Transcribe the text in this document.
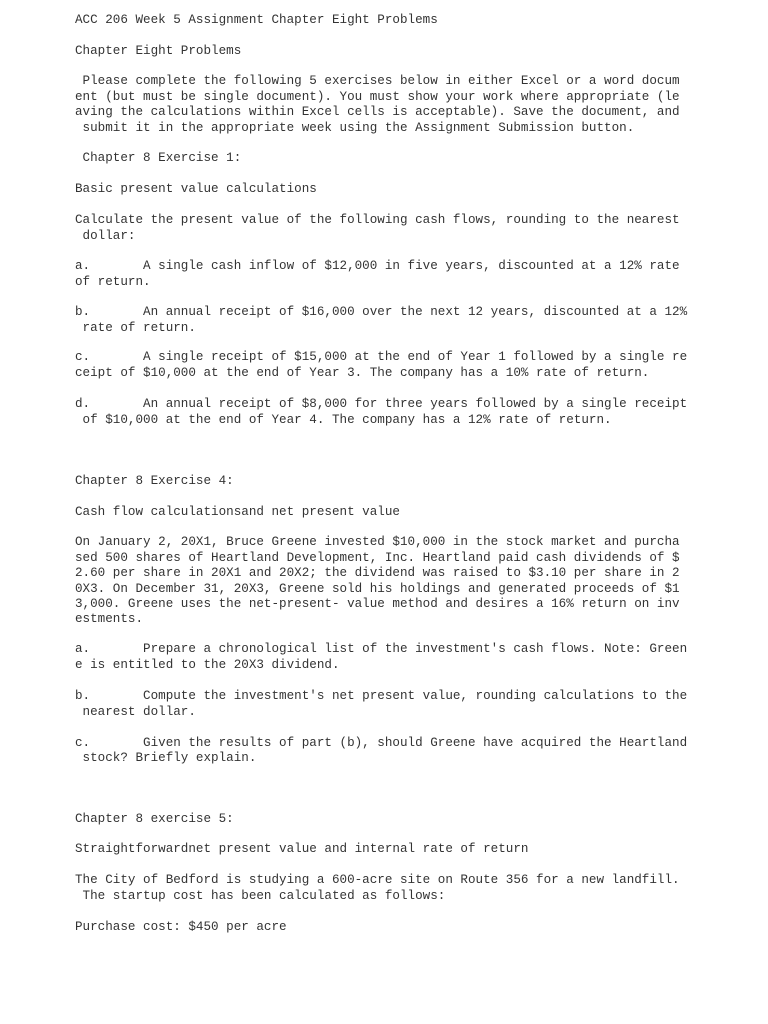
ACC 206 Week 5 Assignment Chapter Eight Problems

Chapter Eight Problems

Please complete the following 5 exercises below in either Excel or a word docum

ent (but must be single document). You must show your work where appropriate (le

aving the calculations within Excel cells is acceptable). Save the document, and

submit it in the appropriate week using the Assignment Submission button.

Chapter 8 Exercise 1:

Basic present value calculations

Calculate the present value of the following cash flows, rounding to the nearest

dollar:

a.       A single cash inflow of $12,000 in five years, discounted at a 12% rate

of return.

b.       An annual receipt of $16,000 over the next 12 years, discounted at a 12%

rate of return.

c.       A single receipt of $15,000 at the end of Year 1 followed by a single re

ceipt of $10,000 at the end of Year 3. The company has a 10% rate of return.

d.       An annual receipt of $8,000 for three years followed by a single receipt

of $10,000 at the end of Year 4. The company has a 12% rate of return.

Chapter 8 Exercise 4:

Cash flow calculationsand net present value

On January 2, 20X1, Bruce Greene invested $10,000 in the stock market and purcha

sed 500 shares of Heartland Development, Inc. Heartland paid cash dividends of $

2.60 per share in 20X1 and 20X2; the dividend was raised to $3.10 per share in 2

0X3. On December 31, 20X3, Greene sold his holdings and generated proceeds of $1

3,000. Greene uses the net-present- value method and desires a 16% return on inv

estments.

a.       Prepare a chronological list of the investment's cash flows. Note: Green

e is entitled to the 20X3 dividend.

b.       Compute the investment's net present value, rounding calculations to the

nearest dollar.

c.       Given the results of part (b), should Greene have acquired the Heartland

stock? Briefly explain.

Chapter 8 exercise 5:

Straightforwardnet present value and internal rate of return

The City of Bedford is studying a 600-acre site on Route 356 for a new landfill.

The startup cost has been calculated as follows:

Purchase cost: $450 per acre
